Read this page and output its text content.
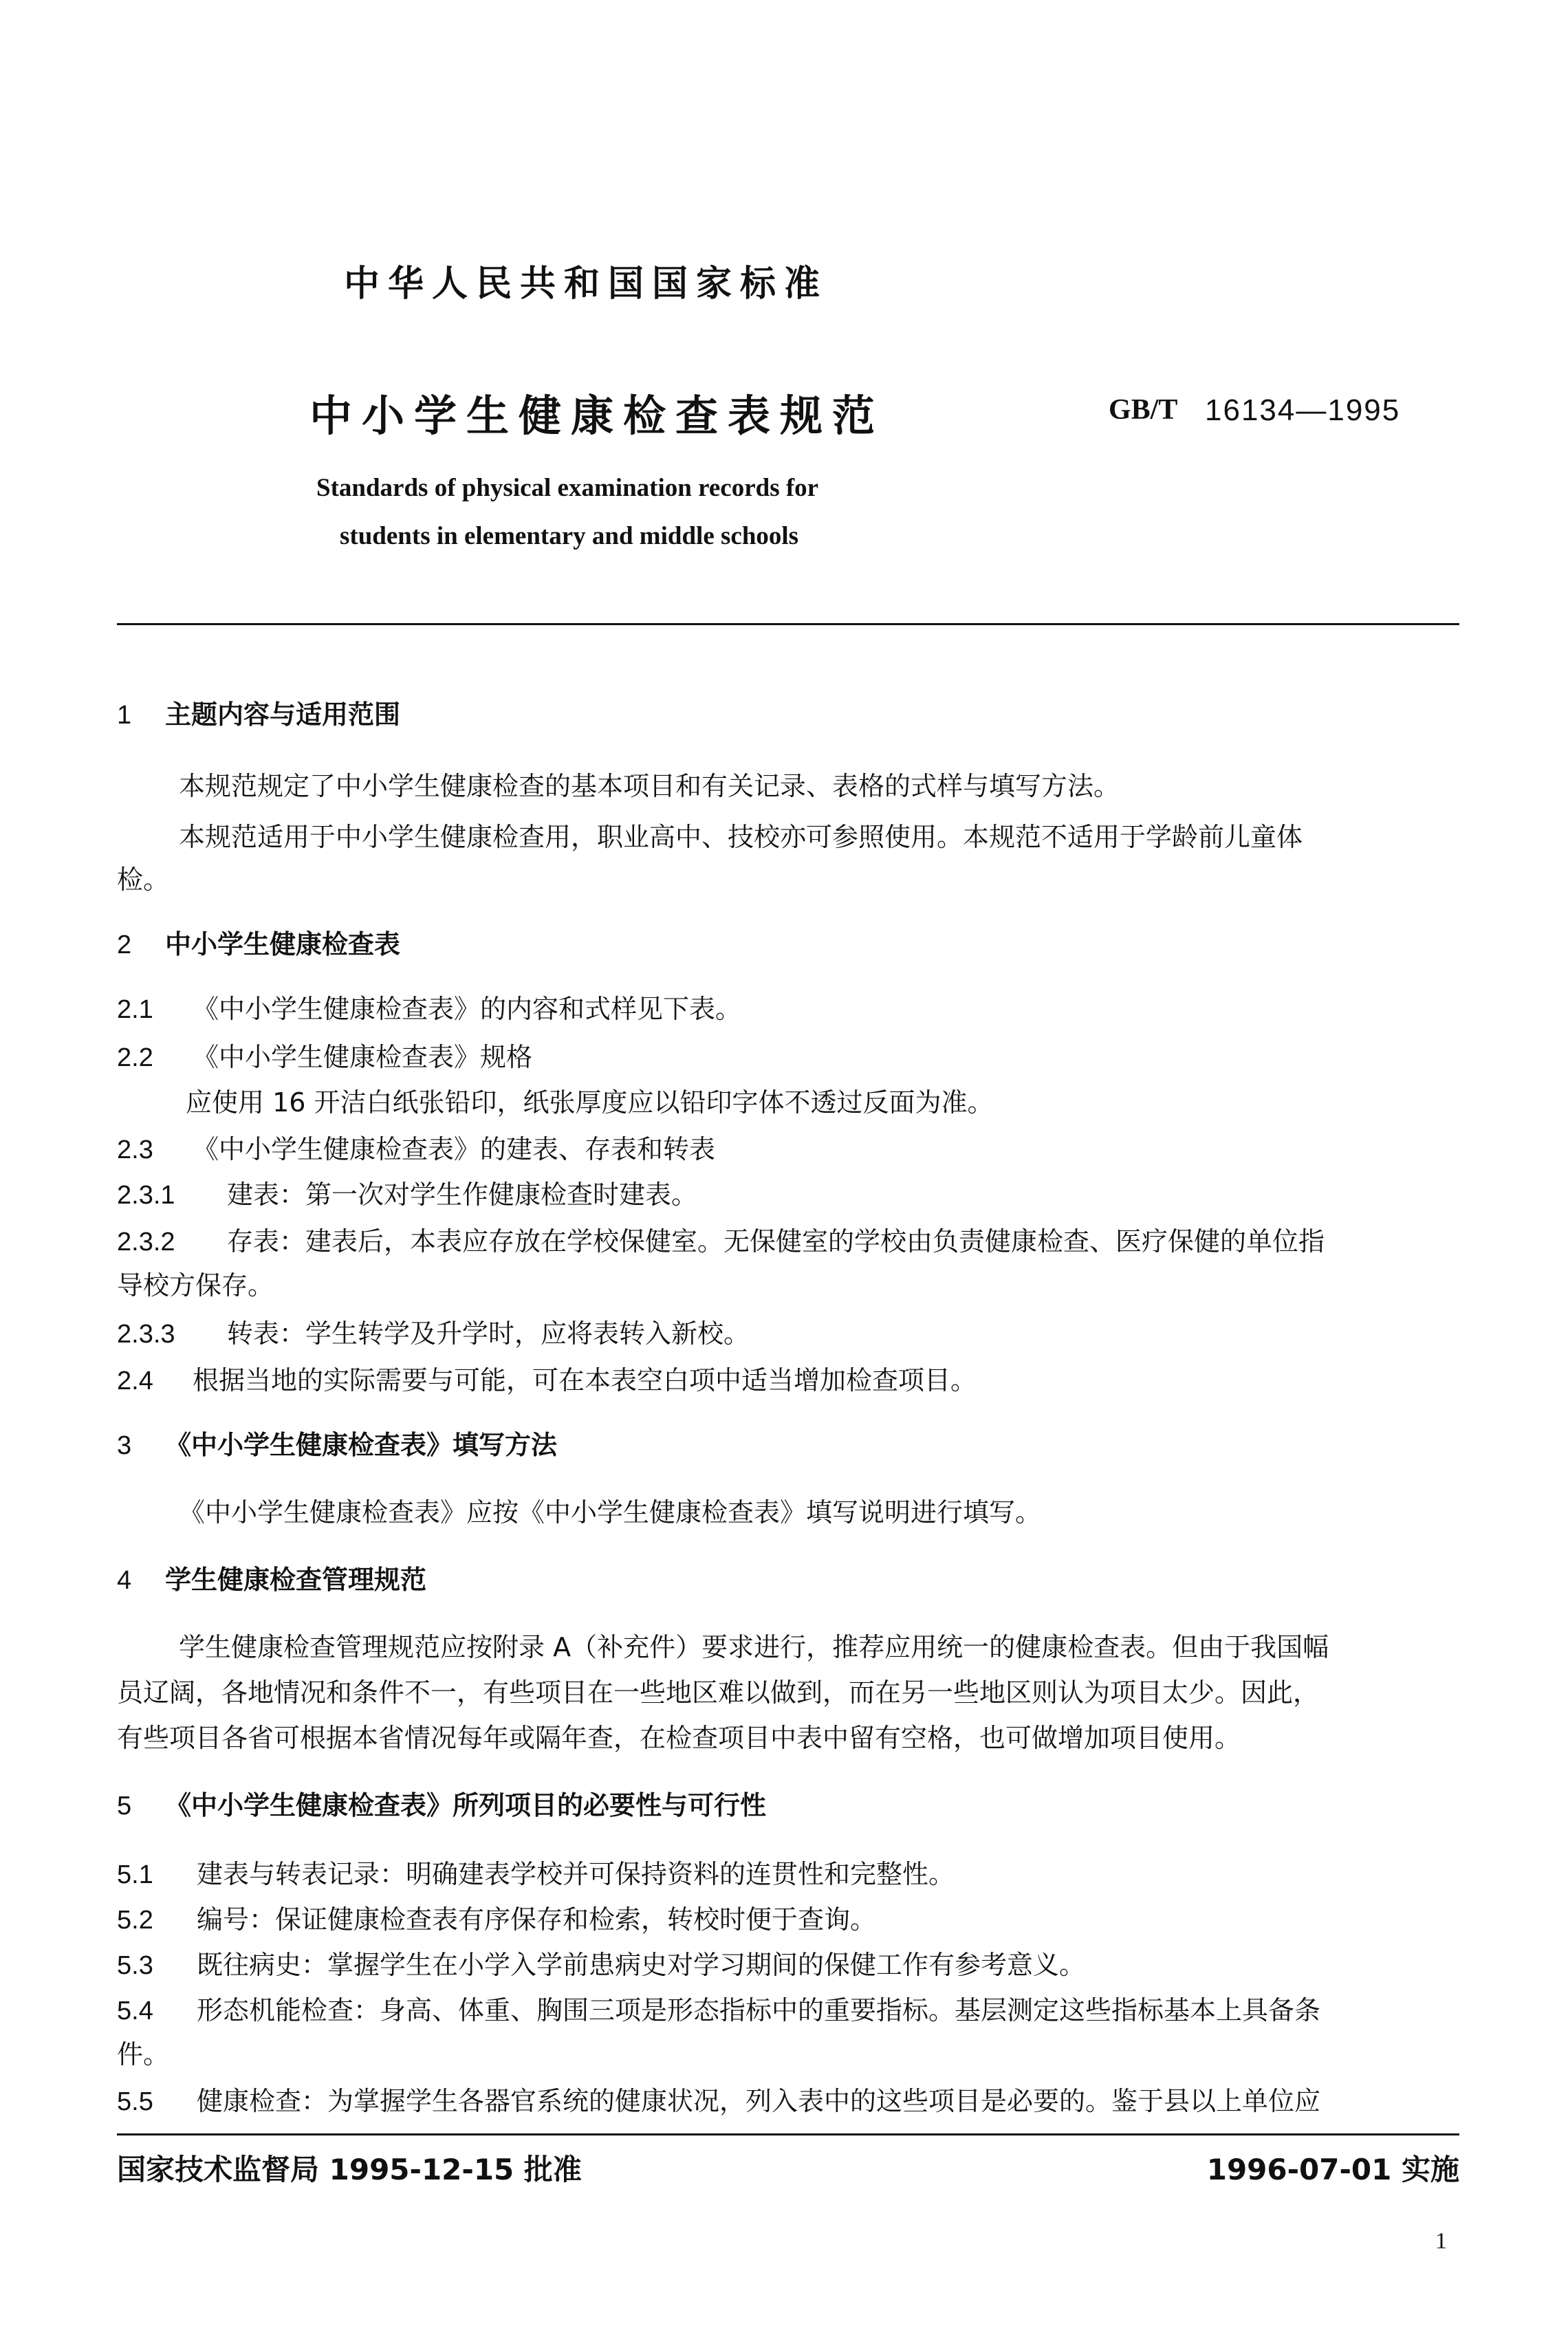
中华人民共和国国家标准
中小学生健康检查表规范	GB/T 16134—1995
Standards of physical examination records for
students in elementary and middle schools
1 主题内容与适用范围
本规范规定了中小学生健康检查的基本项目和有关记录、表格的式样与填写方法。
本规范适用于中小学生健康检查用，职业高中、技校亦可参照使用。本规范不适用于学龄前儿童体
检。
2 中小学生健康检查表
2.1 《中小学生健康检查表》的内容和式样见下表。
2.2 《中小学生健康检查表》规格
应使用 16 开洁白纸张铅印，纸张厚度应以铅印字体不透过反面为准。
2.3 《中小学生健康检查表》的建表、存表和转表
2.3.1 建表：第一次对学生作健康检查时建表。
2.3.2 存表：建表后，本表应存放在学校保健室。无保健室的学校由负责健康检查、医疗保健的单位指
导校方保存。
2.3.3 转表：学生转学及升学时，应将表转入新校。
2.4 根据当地的实际需要与可能，可在本表空白项中适当增加检查项目。
3 《中小学生健康检查表》填写方法
《中小学生健康检查表》应按《中小学生健康检查表》填写说明进行填写。
4 学生健康检查管理规范
学生健康检查管理规范应按附录 A（补充件）要求进行，推荐应用统一的健康检查表。但由于我国幅
员辽阔，各地情况和条件不一，有些项目在一些地区难以做到，而在另一些地区则认为项目太少。因此，
有些项目各省可根据本省情况每年或隔年查，在检查项目中表中留有空格，也可做增加项目使用。
5 《中小学生健康检查表》所列项目的必要性与可行性
5.1 建表与转表记录：明确建表学校并可保持资料的连贯性和完整性。
5.2 编号：保证健康检查表有序保存和检索，转校时便于查询。
5.3 既往病史：掌握学生在小学入学前患病史对学习期间的保健工作有参考意义。
5.4 形态机能检查：身高、体重、胸围三项是形态指标中的重要指标。基层测定这些指标基本上具备条
件。
5.5 健康检查：为掌握学生各器官系统的健康状况，列入表中的这些项目是必要的。鉴于县以上单位应
国家技术监督局 1995-12-15 批准	1996-07-01 实施
1
